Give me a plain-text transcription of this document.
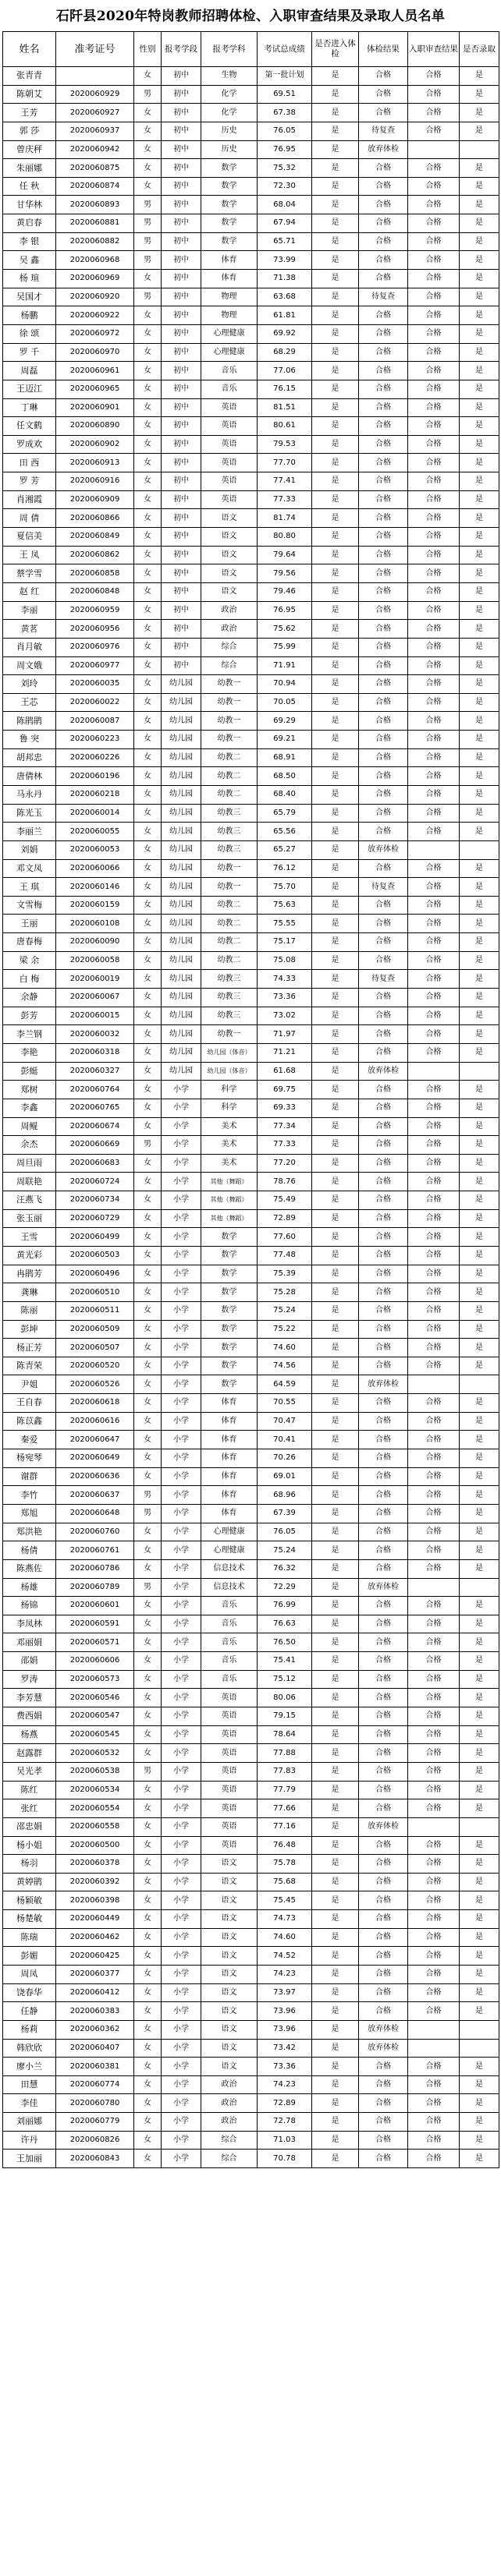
石阡县2020年特岗教师招聘体检、入职审查结果及录取人员名单
姓名	准考证号	性别	报考学段	报考学科	考试总成绩	是否进入体检	体检结果	入职审查结果	是否录取
张青青		女	初中	生物	第一批计划	是	合格	合格	是
陈朝艾	2020060929	男	初中	化学	69.51	是	合格	合格	是
王芳	2020060927	女	初中	化学	67.38	是	合格	合格	是
郭 莎	2020060937	女	初中	历史	76.05	是	待复查	合格	是
曾庆秤	2020060942	女	初中	历史	76.95	是	放弃体检		
朱丽娜	2020060875	女	初中	数学	75.32	是	合格	合格	是
任 秋	2020060874	女	初中	数学	72.30	是	合格	合格	是
甘华林	2020060893	男	初中	数学	68.04	是	合格	合格	是
黄启春	2020060881	男	初中	数学	67.94	是	合格	合格	是
李 银	2020060882	男	初中	数学	65.71	是	合格	合格	是
吴 鑫	2020060968	男	初中	体育	73.99	是	合格	合格	是
杨 瑄	2020060969	女	初中	体育	71.38	是	合格	合格	是
吴国才	2020060920	男	初中	物理	63.68	是	待复查	合格	是
杨鹏	2020060922	女	初中	物理	61.81	是	合格	合格	是
徐 颂	2020060972	女	初中	心理健康	69.92	是	合格	合格	是
罗 千	2020060970	女	初中	心理健康	68.29	是	合格	合格	是
周磊	2020060961	女	初中	音乐	77.06	是	合格	合格	是
王迈江	2020060965	女	初中	音乐	76.15	是	合格	合格	是
丁琳	2020060901	女	初中	英语	81.51	是	合格	合格	是
任文鹤	2020060890	女	初中	英语	80.61	是	合格	合格	是
罗成欢	2020060902	女	初中	英语	79.53	是	合格	合格	是
田 西	2020060913	女	初中	英语	77.70	是	合格	合格	是
罗 芳	2020060916	女	初中	英语	77.41	是	合格	合格	是
肖湘霞	2020060909	女	初中	英语	77.33	是	合格	合格	是
周 倩	2020060866	女	初中	语文	81.74	是	合格	合格	是
夏信美	2020060849	女	初中	语文	80.80	是	合格	合格	是
王 凤	2020060862	女	初中	语文	79.64	是	合格	合格	是
蔡学雪	2020060858	女	初中	语文	79.56	是	合格	合格	是
赵 红	2020060848	女	初中	语文	79.46	是	合格	合格	是
李丽	2020060959	女	初中	政治	76.95	是	合格	合格	是
黄茗	2020060956	女	初中	政治	75.62	是	合格	合格	是
肖月敏	2020060976	女	初中	综合	75.99	是	合格	合格	是
周文娥	2020060977	女	初中	综合	71.91	是	合格	合格	是
刘玲	2020060035	女	幼儿园	幼教一	70.94	是	合格	合格	是
王芯	2020060022	女	幼儿园	幼教一	70.05	是	合格	合格	是
陈鹃鹃	2020060087	女	幼儿园	幼教一	69.29	是	合格	合格	是
鲁 突	2020060223	女	幼儿园	幼教一	69.21	是	合格	合格	是
胡邦忠	2020060226	女	幼儿园	幼教二	68.91	是	合格	合格	是
唐倩林	2020060196	女	幼儿园	幼教二	68.50	是	合格	合格	是
马永丹	2020060218	女	幼儿园	幼教二	68.40	是	合格	合格	是
陈光玉	2020060014	女	幼儿园	幼教三	65.79	是	合格	合格	是
李丽兰	2020060055	女	幼儿园	幼教三	65.56	是	合格	合格	是
刘娟	2020060053	女	幼儿园	幼教三	65.27	是	放弃体检		
邓文凤	2020060066	女	幼儿园	幼教一	76.12	是	合格	合格	是
王 琪	2020060146	女	幼儿园	幼教一	75.70	是	待复查	合格	是
文雪梅	2020060159	女	幼儿园	幼教二	75.63	是	合格	合格	是
王丽	2020060108	女	幼儿园	幼教二	75.55	是	合格	合格	是
唐春梅	2020060090	女	幼儿园	幼教二	75.17	是	合格	合格	是
梁 余	2020060058	女	幼儿园	幼教二	75.08	是	合格	合格	是
白 梅	2020060019	女	幼儿园	幼教三	74.33	是	待复查	合格	是
余静	2020060067	女	幼儿园	幼教三	73.36	是	合格	合格	是
彭芳	2020060015	女	幼儿园	幼教三	73.02	是	合格	合格	是
李兰钢	2020060032	女	幼儿园	幼教一	71.97	是	合格	合格	是
李艳	2020060318	女	幼儿园	幼儿园（体音）	71.21	是	合格	合格	是
彭蜓	2020060327	女	幼儿园	幼儿园（体音）	61.68	是	放弃体检		
郑树	2020060764	女	小学	科学	69.75	是	合格	合格	是
李鑫	2020060765	女	小学	科学	69.33	是	合格	合格	是
周鲲	2020060674	女	小学	美术	77.34	是	合格	合格	是
余杰	2020060669	男	小学	美术	77.33	是	合格	合格	是
周旦雨	2020060683	女	小学	美术	77.20	是	合格	合格	是
周联艳	2020060724	女	小学	其他（舞蹈）	78.76	是	合格	合格	是
汪燕飞	2020060734	女	小学	其他（舞蹈）	75.49	是	合格	合格	是
张玉丽	2020060729	女	小学	其他（舞蹈）	72.89	是	合格	合格	是
王雪	2020060499	女	小学	数学	77.60	是	合格	合格	是
黄光彩	2020060503	女	小学	数学	77.48	是	合格	合格	是
冉鹃芳	2020060496	女	小学	数学	75.39	是	合格	合格	是
龚琳	2020060510	女	小学	数学	75.28	是	合格	合格	是
陈丽	2020060511	女	小学	数学	75.24	是	合格	合格	是
彭坤	2020060509	女	小学	数学	75.22	是	合格	合格	是
杨正芳	2020060507	女	小学	数学	74.60	是	合格	合格	是
陈青荣	2020060520	女	小学	数学	74.56	是	合格	合格	是
尹姐	2020060526	女	小学	数学	64.59	是	放弃体检		
王自春	2020060618	女	小学	体育	70.55	是	合格	合格	是
陈苡鑫	2020060616	女	小学	体育	70.47	是	合格	合格	是
秦爱	2020060647	女	小学	体育	70.41	是	合格	合格	是
杨宛琴	2020060649	女	小学	体育	70.26	是	合格	合格	是
谢群	2020060636	女	小学	体育	69.01	是	合格	合格	是
李竹	2020060637	男	小学	体育	68.96	是	合格	合格	是
郑旭	2020060648	男	小学	体育	67.39	是	合格	合格	是
郑洪艳	2020060760	女	小学	心理健康	76.05	是	合格	合格	是
杨倩	2020060761	女	小学	心理健康	75.24	是	合格	合格	是
陈燕佐	2020060786	女	小学	信息技术	76.32	是	合格	合格	是
杨雄	2020060789	男	小学	信息技术	72.29	是	放弃体检		
杨锦	2020060601	女	小学	音乐	76.99	是	合格	合格	是
李凤林	2020060591	女	小学	音乐	76.63	是	合格	合格	是
邓丽娟	2020060571	女	小学	音乐	76.50	是	合格	合格	是
邵娟	2020060606	女	小学	音乐	75.41	是	合格	合格	是
罗涛	2020060573	女	小学	音乐	75.12	是	合格	合格	是
李芳慧	2020060546	女	小学	英语	80.06	是	合格	合格	是
费西娟	2020060547	女	小学	英语	79.15	是	合格	合格	是
杨燕	2020060545	女	小学	英语	78.64	是	合格	合格	是
赵露群	2020060532	女	小学	英语	77.88	是	合格	合格	是
吴光孝	2020060538	男	小学	英语	77.83	是	合格	合格	是
陈红	2020060534	女	小学	英语	77.79	是	合格	合格	是
张红	2020060554	女	小学	英语	77.66	是	合格	合格	是
邵忠娟	2020060558	女	小学	英语	77.16	是	放弃体检		
杨小姐	2020060500	女	小学	英语	76.48	是	合格	合格	是
杨羽	2020060378	女	小学	语文	75.78	是	合格	合格	是
黄婷鹃	2020060392	女	小学	语文	75.68	是	合格	合格	是
杨颖敏	2020060398	女	小学	语文	75.45	是	合格	合格	是
杨楚敏	2020060449	女	小学	语文	74.73	是	合格	合格	是
陈瑞	2020060462	女	小学	语文	74.60	是	合格	合格	是
彭媚	2020060425	女	小学	语文	74.52	是	合格	合格	是
周凤	2020060377	女	小学	语文	74.23	是	合格	合格	是
饶春华	2020060412	女	小学	语文	73.97	是	合格	合格	是
任静	2020060383	女	小学	语文	73.96	是	合格	合格	是
杨莉	2020060362	女	小学	语文	73.96	是	放弃体检		
韩欣欣	2020060407	女	小学	语文	73.42	是	放弃体检		
廖小兰	2020060381	女	小学	语文	73.36	是	合格	合格	是
田慧	2020060774	女	小学	政治	74.23	是	合格	合格	是
李佳	2020060780	女	小学	政治	72.89	是	合格	合格	是
刘丽娜	2020060779	女	小学	政治	72.78	是	合格	合格	是
许丹	2020060826	女	小学	综合	71.03	是	合格	合格	是
王加丽	2020060843	女	小学	综合	70.78	是	合格	合格	是
